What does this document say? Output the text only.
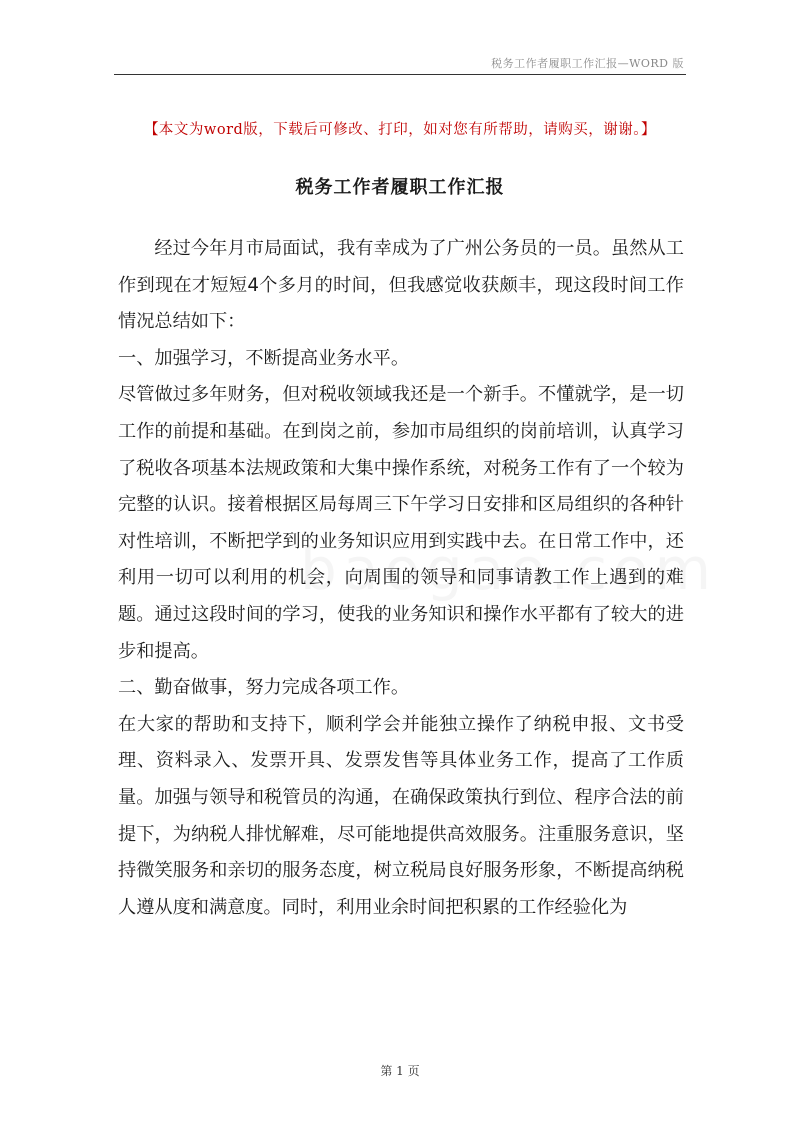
税务工作者履职工作汇报—WORD 版
【本文为word版，下载后可修改、打印，如对您有所帮助，请购买，谢谢。】
税务工作者履职工作汇报

经过今年月市局面试，我有幸成为了广州公务员的一员。虽然从工作到现在才短短4个多月的时间，但我感觉收获颇丰，现这段时间工作情况总结如下：

一、加强学习，不断提高业务水平。

尽管做过多年财务，但对税收领域我还是一个新手。不懂就学，是一切工作的前提和基础。在到岗之前，参加市局组织的岗前培训，认真学习了税收各项基本法规政策和大集中操作系统，对税务工作有了一个较为完整的认识。接着根据区局每周三下午学习日安排和区局组织的各种针对性培训，不断把学到的业务知识应用到实践中去。在日常工作中，还利用一切可以利用的机会，向周围的领导和同事请教工作上遇到的难题。通过这段时间的学习，使我的业务知识和操作水平都有了较大的进步和提高。

二、勤奋做事，努力完成各项工作。

在大家的帮助和支持下，顺利学会并能独立操作了纳税申报、文书受理、资料录入、发票开具、发票发售等具体业务工作，提高了工作质量。加强与领导和税管员的沟通，在确保政策执行到位、程序合法的前提下，为纳税人排忧解难，尽可能地提供高效服务。注重服务意识，坚持微笑服务和亲切的服务态度，树立税局良好服务形象，不断提高纳税人遵从度和满意度。同时，利用业余时间把积累的工作经验化为

第 1 页
